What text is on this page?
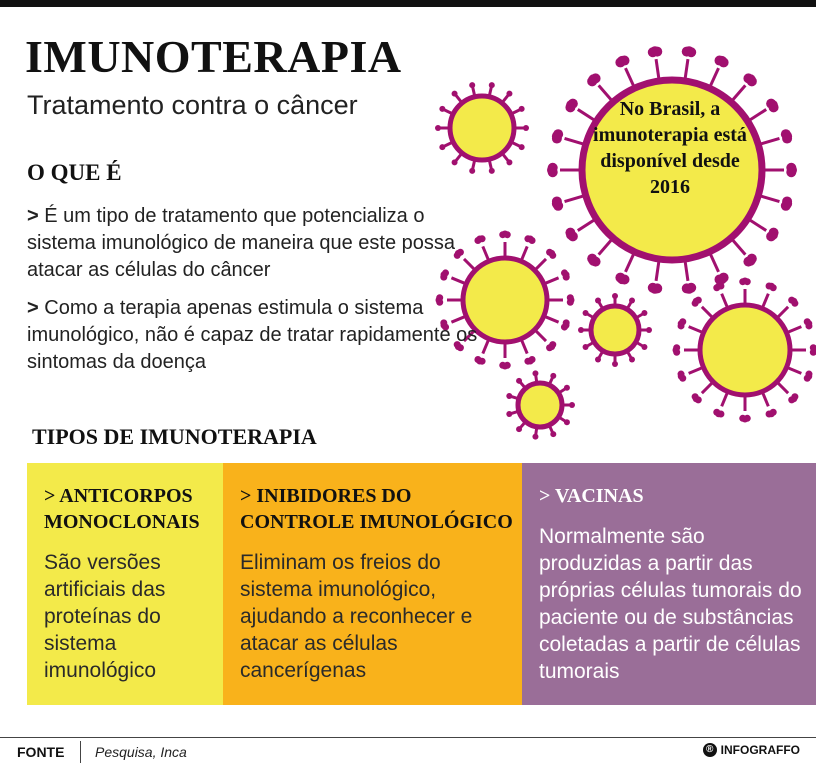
IMUNOTERAPIA
Tratamento contra o câncer	No Brasil, a imunoterapia está disponível desde 2016
O QUE É
> É um tipo de tratamento que potencializa o sistema imunológico de maneira que este possa atacar as células do câncer
> Como a terapia apenas estimula o sistema imunológico, não é capaz de tratar rapidamente os sintomas da doença
TIPOS DE IMUNOTERAPIA
> ANTICORPOS MONOCLONAIS
São versões artificiais das proteínas do sistema imunológico
> INIBIDORES DO CONTROLE IMUNOLÓGICO
Eliminam os freios do sistema imunológico, ajudando a reconhecer e atacar as células cancerígenas
> VACINAS
Normalmente são produzidas a partir das próprias células tumorais do paciente ou de substâncias coletadas a partir de células tumorais
FONTE Pesquisa, Inca	® INFOGRAFFO
